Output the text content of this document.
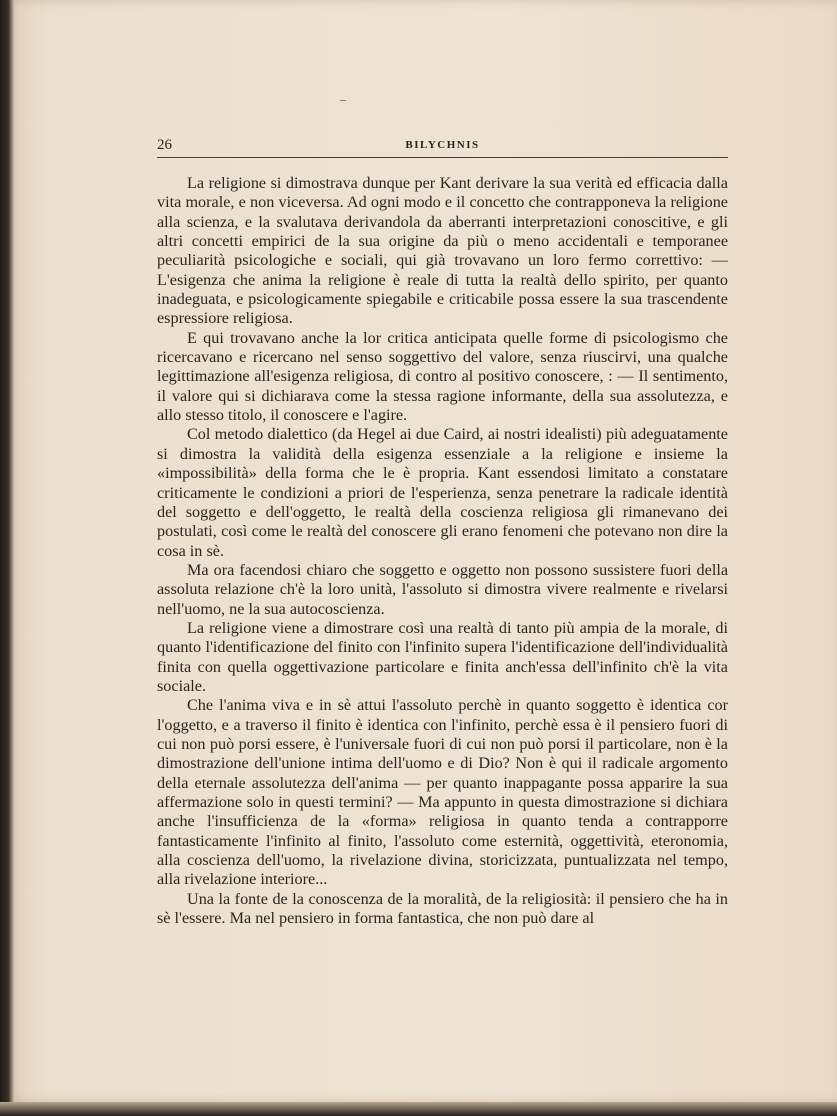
26	BILYCHNIS

La religione si dimostrava dunque per Kant derivare la sua verità ed efficacia dalla vita morale, e non viceversa. Ad ogni modo e il concetto che contrapponeva la religione alla scienza, e la svalutava derivandola da aberranti interpretazioni conoscitive, e gli altri concetti empirici de la sua origine da più o meno accidentali e temporanee peculiarità psicologiche e sociali, qui già trovavano un loro fermo correttivo: — L'esigenza che anima la religione è reale di tutta la realtà dello spirito, per quanto inadeguata, e psicologicamente spiegabile e criticabile possa essere la sua trascendente espressiore religiosa.

E qui trovavano anche la lor critica anticipata quelle forme di psicologismo che ricercavano e ricercano nel senso soggettivo del valore, senza riuscirvi, una qualche legittimazione all'esigenza religiosa, di contro al positivo conoscere, : — Il sentimento, il valore qui si dichiarava come la stessa ragione informante, della sua assolutezza, e allo stesso titolo, il conoscere e l'agire.

Col metodo dialettico (da Hegel ai due Caird, ai nostri idealisti) più adeguatamente si dimostra la validità della esigenza essenziale a la religione e insieme la «impossibilità» della forma che le è propria. Kant essendosi limitato a constatare criticamente le condizioni a priori de l'esperienza, senza penetrare la radicale identità del soggetto e dell'oggetto, le realtà della coscienza religiosa gli rimanevano dei postulati, così come le realtà del conoscere gli erano fenomeni che potevano non dire la cosa in sè.

Ma ora facendosi chiaro che soggetto e oggetto non possono sussistere fuori della assoluta relazione ch'è la loro unità, l'assoluto si dimostra vivere realmente e rivelarsi nell'uomo, ne la sua autocoscienza.

La religione viene a dimostrare così una realtà di tanto più ampia de la morale, di quanto l'identificazione del finito con l'infinito supera l'identificazione dell'individualità finita con quella oggettivazione particolare e finita anch'essa dell'infinito ch'è la vita sociale.

Che l'anima viva e in sè attui l'assoluto perchè in quanto soggetto è identica cor l'oggetto, e a traverso il finito è identica con l'infinito, perchè essa è il pensiero fuori di cui non può porsi essere, è l'universale fuori di cui non può porsi il particolare, non è la dimostrazione dell'unione intima dell'uomo e di Dio? Non è qui il radicale argomento della eternale assolutezza dell'anima — per quanto inappagante possa apparire la sua affermazione solo in questi termini? — Ma appunto in questa dimostrazione si dichiara anche l'insufficienza de la «forma» religiosa in quanto tenda a contrapporre fantasticamente l'infinito al finito, l'assoluto come esternità, oggettività, eteronomia, alla coscienza dell'uomo, la rivelazione divina, storicizzata, puntualizzata nel tempo, alla rivelazione interiore...

Una la fonte de la conoscenza de la moralità, de la religiosità: il pensiero che ha in sè l'essere. Ma nel pensiero in forma fantastica, che non può dare al
